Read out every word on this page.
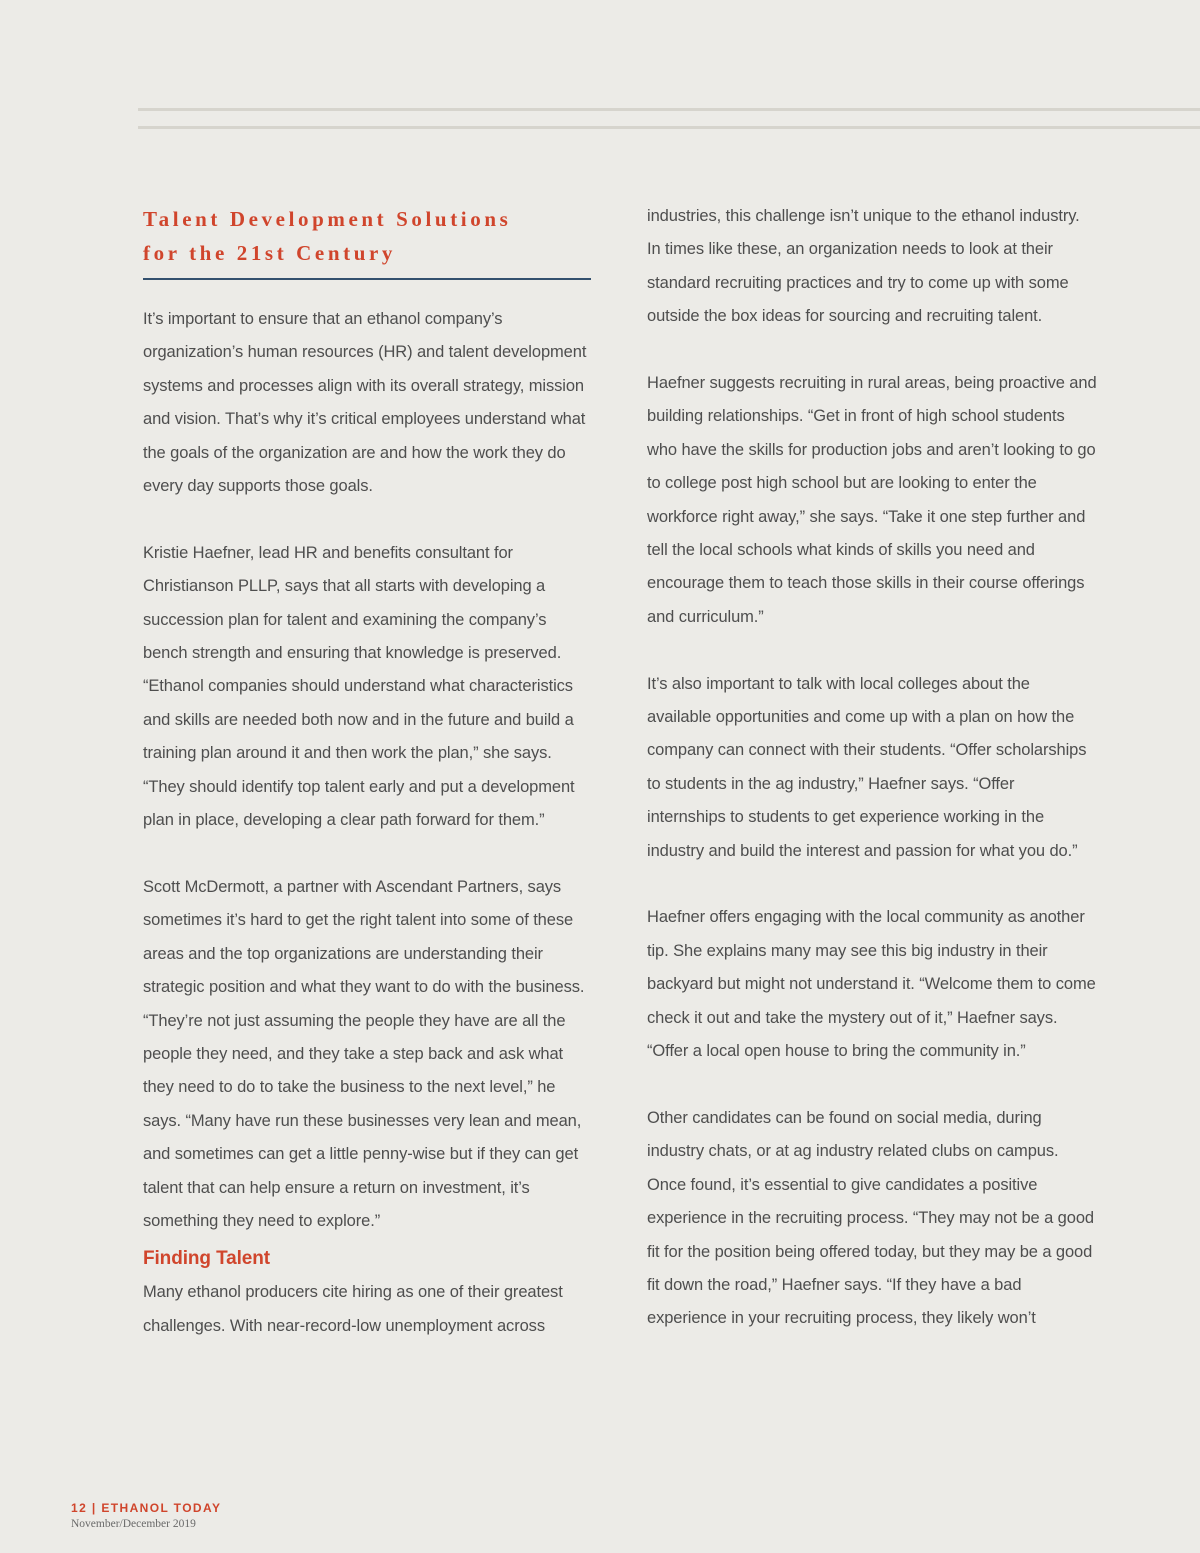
Talent Development Solutions
for the 21st Century

It’s important to ensure that an ethanol company’s organization’s human resources (HR) and talent development systems and processes align with its overall strategy, mission and vision. That’s why it’s critical employees understand what the goals of the organization are and how the work they do every day supports those goals.

Kristie Haefner, lead HR and benefits consultant for Christianson PLLP, says that all starts with developing a succession plan for talent and examining the company’s bench strength and ensuring that knowledge is preserved. “Ethanol companies should understand what characteristics and skills are needed both now and in the future and build a training plan around it and then work the plan,” she says. “They should identify top talent early and put a development plan in place, developing a clear path forward for them.”

Scott McDermott, a partner with Ascendant Partners, says sometimes it’s hard to get the right talent into some of these areas and the top organizations are understanding their strategic position and what they want to do with the business. “They’re not just assuming the people they have are all the people they need, and they take a step back and ask what they need to do to take the business to the next level,” he says. “Many have run these businesses very lean and mean, and sometimes can get a little penny-wise but if they can get talent that can help ensure a return on investment, it’s something they need to explore.”

Finding Talent

Many ethanol producers cite hiring as one of their greatest challenges. With near-record-low unemployment across

industries, this challenge isn’t unique to the ethanol industry. In times like these, an organization needs to look at their standard recruiting practices and try to come up with some outside the box ideas for sourcing and recruiting talent.

Haefner suggests recruiting in rural areas, being proactive and building relationships. “Get in front of high school students who have the skills for production jobs and aren’t looking to go to college post high school but are looking to enter the workforce right away,” she says. “Take it one step further and tell the local schools what kinds of skills you need and encourage them to teach those skills in their course offerings and curriculum.”

It’s also important to talk with local colleges about the available opportunities and come up with a plan on how the company can connect with their students. “Offer scholarships to students in the ag industry,” Haefner says. “Offer internships to students to get experience working in the industry and build the interest and passion for what you do.”

Haefner offers engaging with the local community as another tip. She explains many may see this big industry in their backyard but might not understand it. “Welcome them to come check it out and take the mystery out of it,” Haefner says. “Offer a local open house to bring the community in.”

Other candidates can be found on social media, during industry chats, or at ag industry related clubs on campus. Once found, it’s essential to give candidates a positive experience in the recruiting process. “They may not be a good fit for the position being offered today, but they may be a good fit down the road,” Haefner says. “If they have a bad experience in your recruiting process, they likely won’t

12 | ETHANOL TODAY
November/December 2019
